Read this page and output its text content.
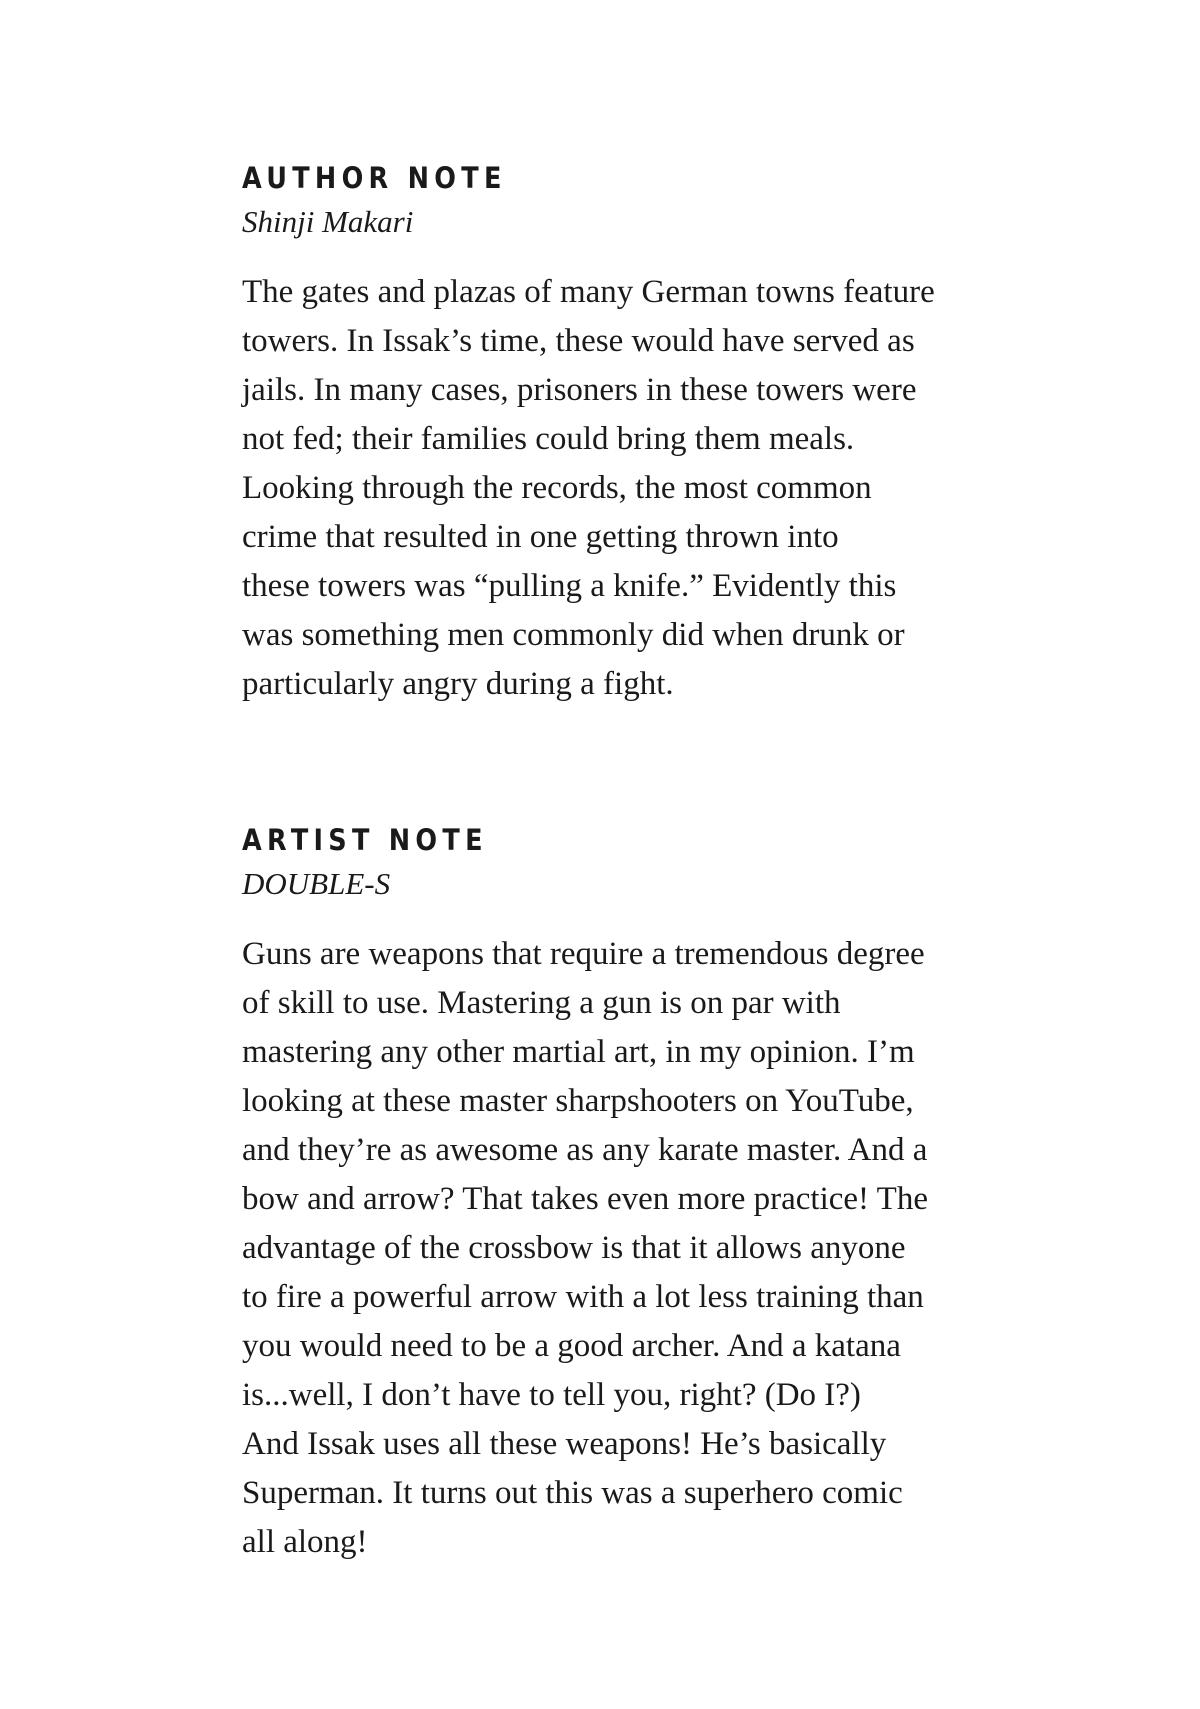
AUTHOR NOTE
Shinji Makari
The gates and plazas of many German towns feature
towers. In Issak’s time, these would have served as
jails. In many cases, prisoners in these towers were
not fed; their families could bring them meals.
Looking through the records, the most common
crime that resulted in one getting thrown into
these towers was “pulling a knife.” Evidently this
was something men commonly did when drunk or
particularly angry during a fight.
ARTIST NOTE
DOUBLE-S
Guns are weapons that require a tremendous degree
of skill to use. Mastering a gun is on par with
mastering any other martial art, in my opinion. I’m
looking at these master sharpshooters on YouTube,
and they’re as awesome as any karate master. And a
bow and arrow? That takes even more practice! The
advantage of the crossbow is that it allows anyone
to fire a powerful arrow with a lot less training than
you would need to be a good archer. And a katana
is...well, I don’t have to tell you, right? (Do I?)
And Issak uses all these weapons! He’s basically
Superman. It turns out this was a superhero comic
all along!
